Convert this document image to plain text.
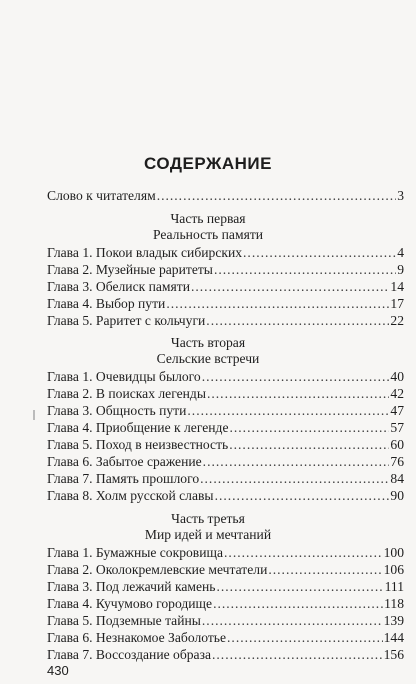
СОДЕРЖАНИЕ
Слово к читателям .....	3
Часть первая
Реальность памяти
Глава 1. Покои владык сибирских .....	4
Глава 2. Музейные раритеты .....	9
Глава 3. Обелиск памяти .....	14
Глава 4. Выбор пути .....	17
Глава 5. Раритет с кольчуги .....	22
Часть вторая
Сельские встречи
Глава 1. Очевидцы былого .....	40
Глава 2. В поисках легенды .....	42
Глава 3. Общность пути .....	47
Глава 4. Приобщение к легенде .....	57
Глава 5. Поход в неизвестность .....	60
Глава 6. Забытое сражение .....	76
Глава 7. Память прошлого .....	84
Глава 8. Холм русской славы .....	90
Часть третья
Мир идей и мечтаний
Глава 1. Бумажные сокровища .....	100
Глава 2. Околокремлевские мечтатели .....	106
Глава 3. Под лежачий камень .....	111
Глава 4. Кучумово городище .....	118
Глава 5. Подземные тайны .....	139
Глава 6. Незнакомое Заболотье .....	144
Глава 7. Воссоздание образа .....	156
430
